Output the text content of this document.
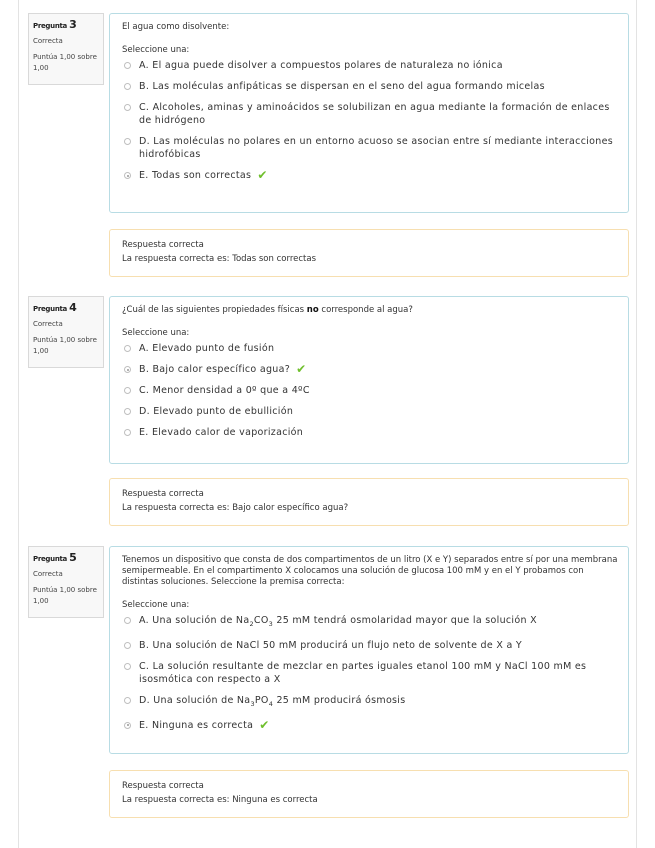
Pregunta 3
Correcta
Puntúa 1,00 sobre 1,00
El agua como disolvente:
Seleccione una:
A. El agua puede disolver a compuestos polares de naturaleza no iónica
B. Las moléculas anfipáticas se dispersan en el seno del agua formando micelas
C. Alcoholes, aminas y aminoácidos se solubilizan en agua mediante la formación de enlaces de hidrógeno
D. Las moléculas no polares en un entorno acuoso se asocian entre sí mediante interacciones hidrofóbicas
E. Todas son correctas ✔
Respuesta correcta
La respuesta correcta es: Todas son correctas
Pregunta 4
Correcta
Puntúa 1,00 sobre 1,00
¿Cuál de las siguientes propiedades físicas no corresponde al agua?
Seleccione una:
A. Elevado punto de fusión
B. Bajo calor específico agua? ✔
C. Menor densidad a 0º que a 4ºC
D. Elevado punto de ebullición
E. Elevado calor de vaporización
Respuesta correcta
La respuesta correcta es: Bajo calor específico agua?
Pregunta 5
Correcta
Puntúa 1,00 sobre 1,00
Tenemos un dispositivo que consta de dos compartimentos de un litro (X e Y) separados entre sí por una membrana semipermeable. En el compartimento X colocamos una solución de glucosa 100 mM y en el Y probamos con distintas soluciones. Seleccione la premisa correcta:
Seleccione una:
A. Una solución de $Na_2CO_3$ 25 mM tendrá osmolaridad mayor que la solución X
B. Una solución de NaCl 50 mM producirá un flujo neto de solvente de X a Y
C. La solución resultante de mezclar en partes iguales etanol 100 mM y NaCl 100 mM es isosmótica con respecto a X
D. Una solución de $Na_3PO_4$ 25 mM producirá ósmosis
E. Ninguna es correcta ✔
Respuesta correcta
La respuesta correcta es: Ninguna es correcta
